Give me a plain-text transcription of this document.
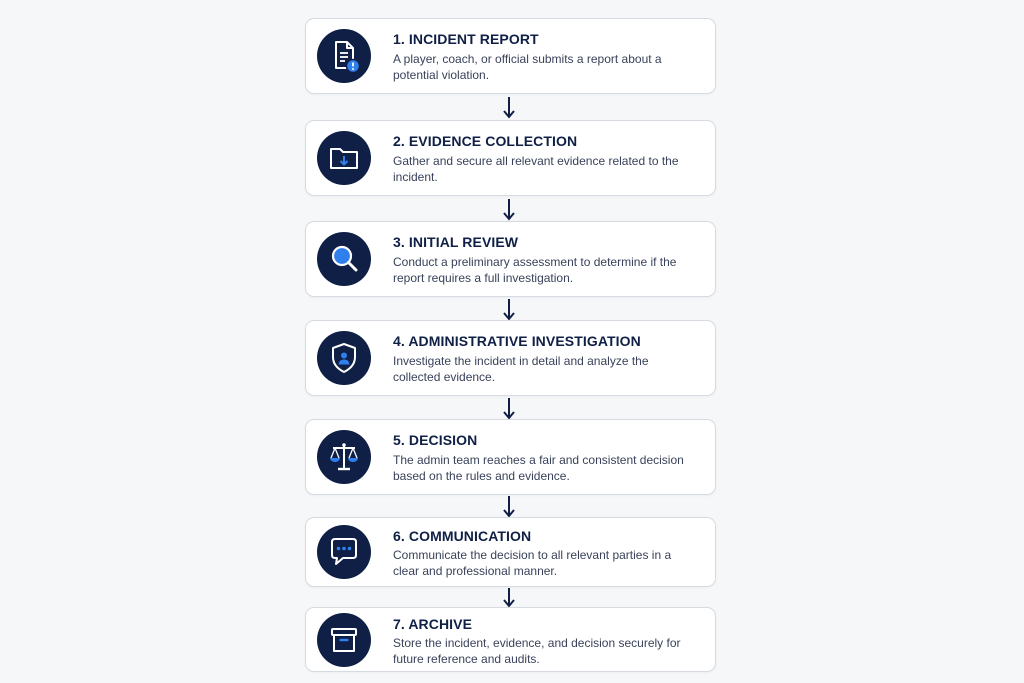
1. INCIDENT REPORT
A player, coach, or official submits a report about a potential violation.
2. EVIDENCE COLLECTION
Gather and secure all relevant evidence related to the incident.
3. INITIAL REVIEW
Conduct a preliminary assessment to determine if the report requires a full investigation.
4. ADMINISTRATIVE INVESTIGATION
Investigate the incident in detail and analyze the collected evidence.
5. DECISION
The admin team reaches a fair and consistent decision based on the rules and evidence.
6. COMMUNICATION
Communicate the decision to all relevant parties in a clear and professional manner.
7. ARCHIVE
Store the incident, evidence, and decision securely for future reference and audits.
